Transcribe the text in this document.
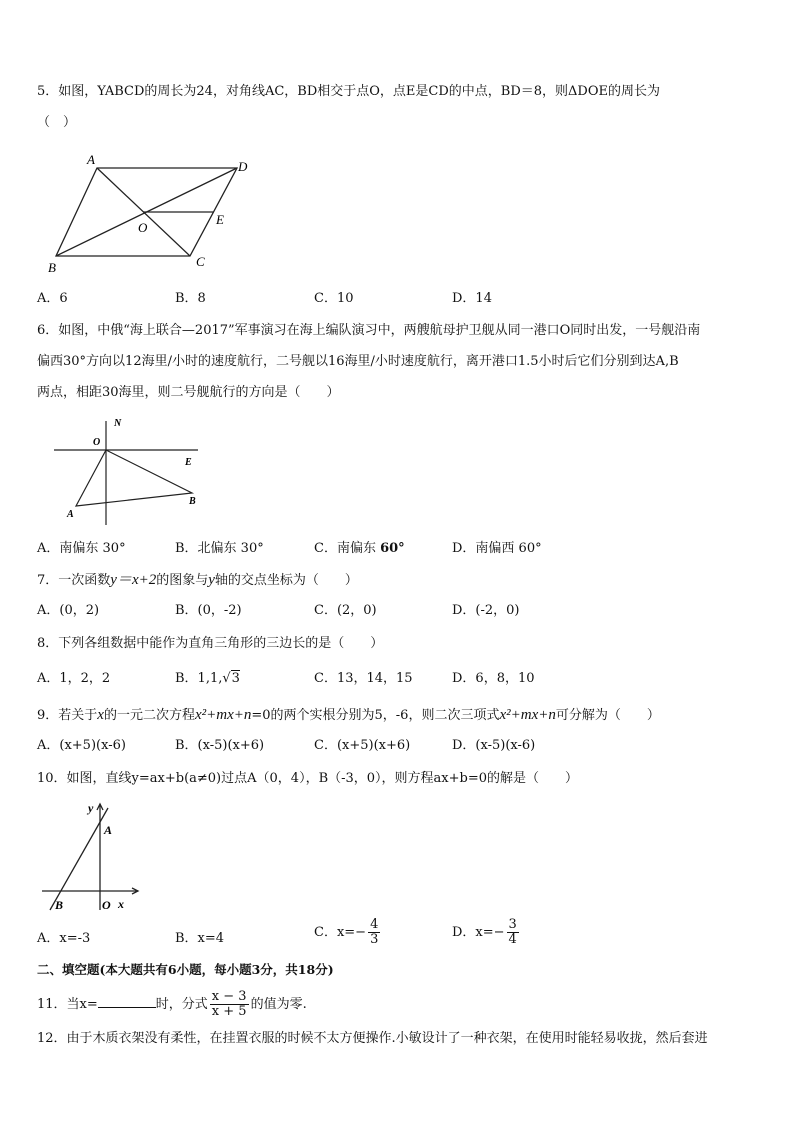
5．如图，YABCD的周长为24，对角线AC，BD相交于点O，点E是CD的中点，BD＝8，则ΔDOE的周长为
（　）
A	D
E
O
B	C
A．6	B．8	C．10	D．14
6．如图，中俄“海上联合—2017”军事演习在海上编队演习中，两艘航母护卫舰从同一港口O同时出发，一号舰沿南
偏西30°方向以12海里/小时的速度航行，二号舰以16海里/小时速度航行，离开港口1.5小时后它们分别到达A,B
两点，相距30海里，则二号舰航行的方向是（　　）
N
O
E
B
A
A．南偏东 30°	B．北偏东 30°	C．南偏东 60°	D．南偏西 60°
7．一次函数y＝x+2的图象与y轴的交点坐标为（　　）
A．(0，2)	B．(0，-2)	C．(2，0)	D．(-2，0)
8．下列各组数据中能作为直角三角形的三边长的是（　　）
A．1，2，2	B．1,1,√3	C．13，14，15	D．6，8，10
9．若关于x的一元二次方程x²+mx+n=0的两个实根分别为5，-6，则二次三项式x²+mx+n可分解为（　　）
A．(x+5)(x-6)	B．(x-5)(x+6)	C．(x+5)(x+6)	D．(x-5)(x-6)
10．如图，直线y=ax+b(a≠0)过点A（0，4），B（-3，0），则方程ax+b=0的解是（　　）
y
A
B	O x
A．x=-3	B．x=4	C．$x=- \frac{4}{3}$	D．$x=- \frac{3}{4}$
二、填空题(本大题共有6小题，每小题3分，共18分)
11．当x=	时，分式 $\frac{x - 3}{x + 5}$ 的值为零.
12．由于木质衣架没有柔性，在挂置衣服的时候不太方便操作.小敏设计了一种衣架，在使用时能轻易收拢，然后套进
